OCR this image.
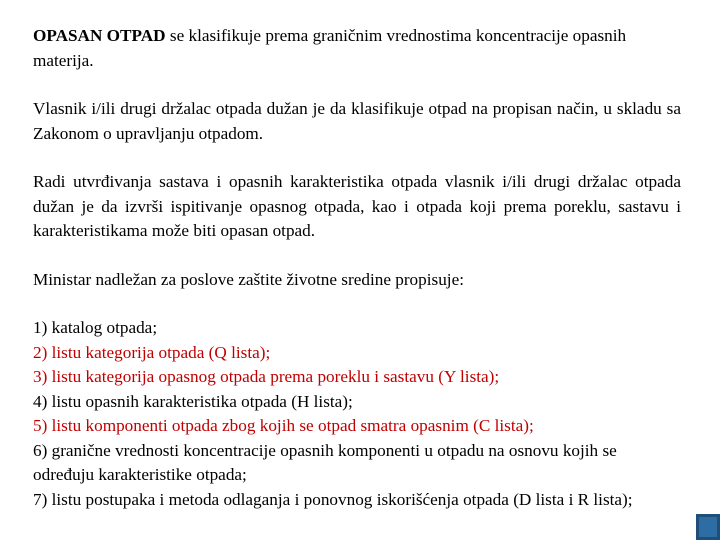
OPASAN OTPAD se klasifikuje prema graničnim vrednostima koncentracije opasnih materija.

Vlasnik i/ili drugi držalac otpada dužan je da klasifikuje otpad na propisan način, u skladu sa Zakonom o upravljanju otpadom.

Radi utvrđivanja sastava i opasnih karakteristika otpada vlasnik i/ili drugi držalac otpada dužan je da izvrši ispitivanje opasnog otpada, kao i otpada koji prema poreklu, sastavu i karakteristikama može biti opasan otpad.

Ministar nadležan za poslove zaštite životne sredine propisuje:

1) katalog otpada;

2) listu kategorija otpada (Q lista);

3) listu kategorija opasnog otpada prema poreklu i sastavu (Y lista);

4) listu opasnih karakteristika otpada (H lista);

5) listu komponenti otpada zbog kojih se otpad smatra opasnim (C lista);

6) granične vrednosti koncentracije opasnih komponenti u otpadu na osnovu kojih se određuju karakteristike otpada;

7) listu postupaka i metoda odlaganja i ponovnog iskorišćenja otpada (D lista i R lista);
